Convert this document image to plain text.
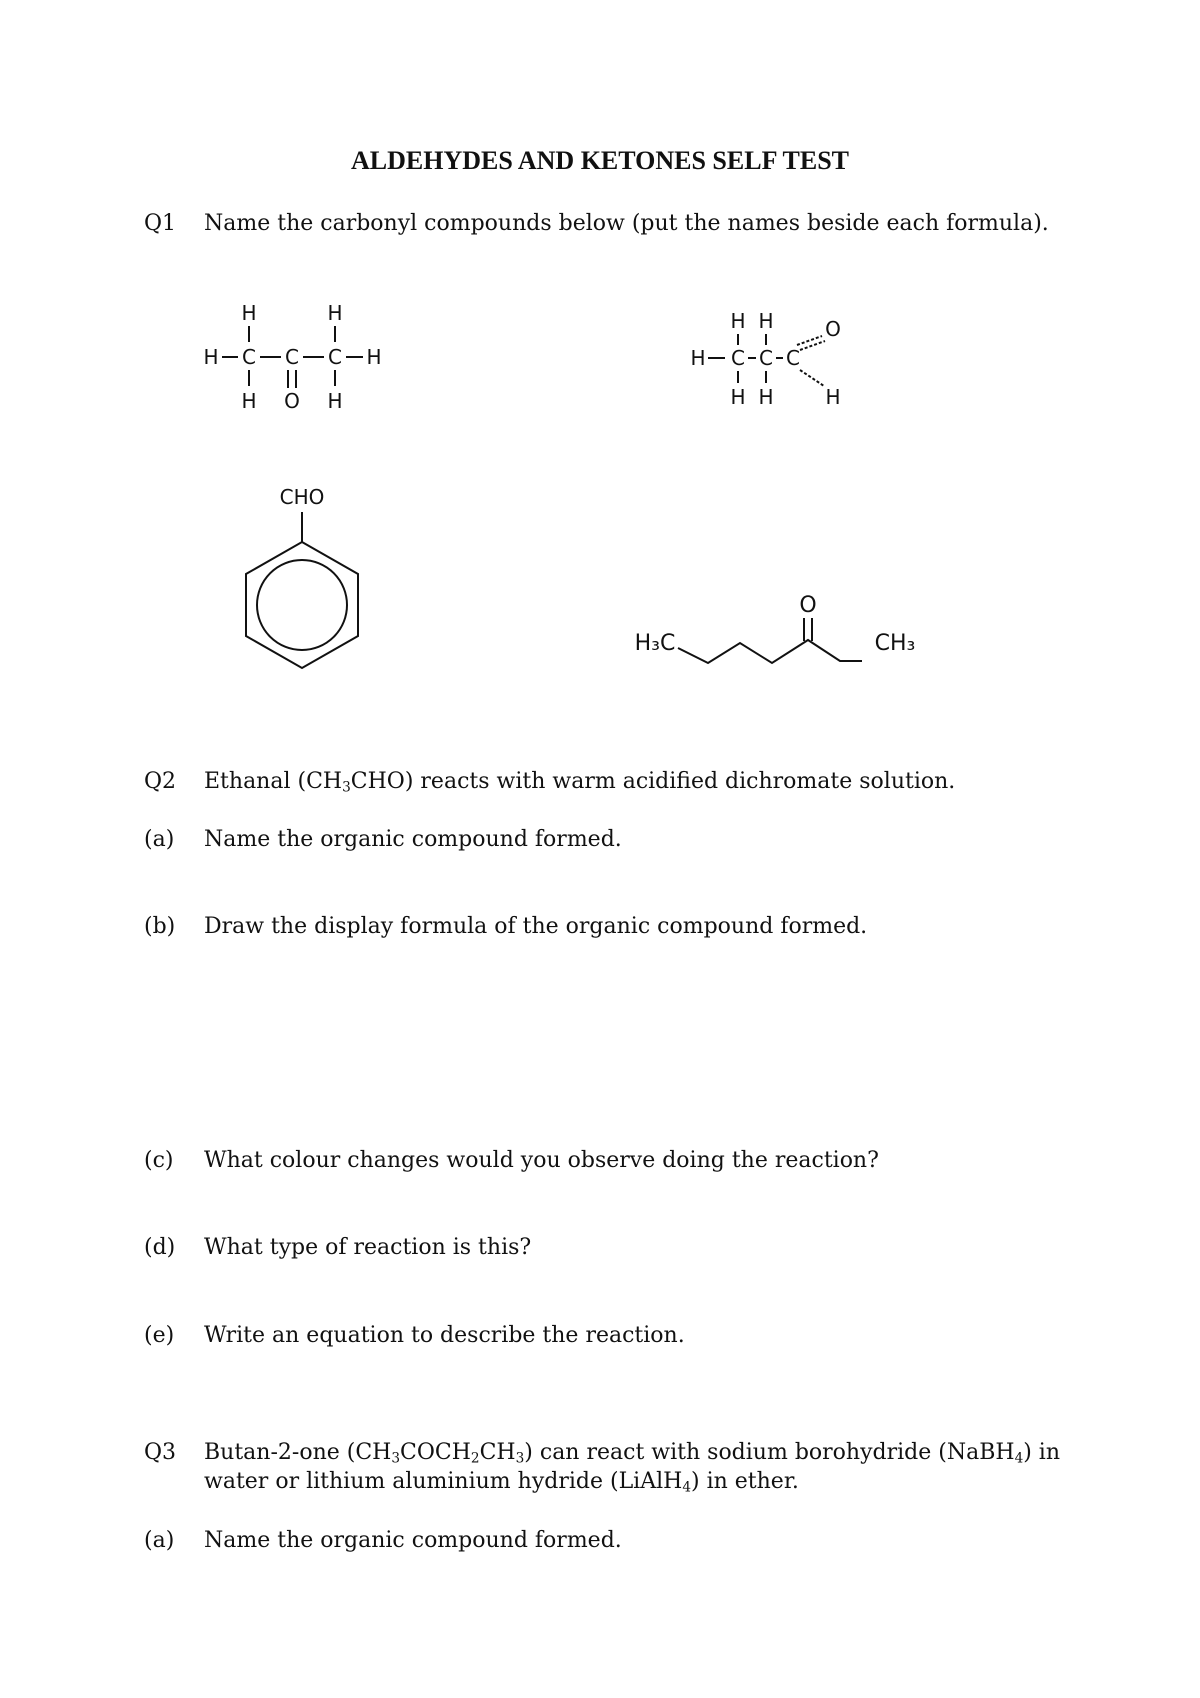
ALDEHYDES AND KETONES SELF TEST
Q1 Name the carbonyl compounds below (put the names beside each formula).
H	H
H C C C H
H O H
H H	O
H C C C
H H	H
CHO
H₃C
O
CH₃
Q2 Ethanal $(CH_3CHO)$ reacts with warm acidified dichromate solution.
(a) Name the organic compound formed.
(b) Draw the display formula of the organic compound formed.
(c) What colour changes would you observe doing the reaction?
(d) What type of reaction is this?
(e) Write an equation to describe the reaction.
Q3 Butan-2-one $(CH_3COCH_2CH_3)$ can react with sodium borohydride (NaBH$_4$) in
water or lithium aluminium hydride (LiAlH$_4$) in ether.
(a) Name the organic compound formed.
